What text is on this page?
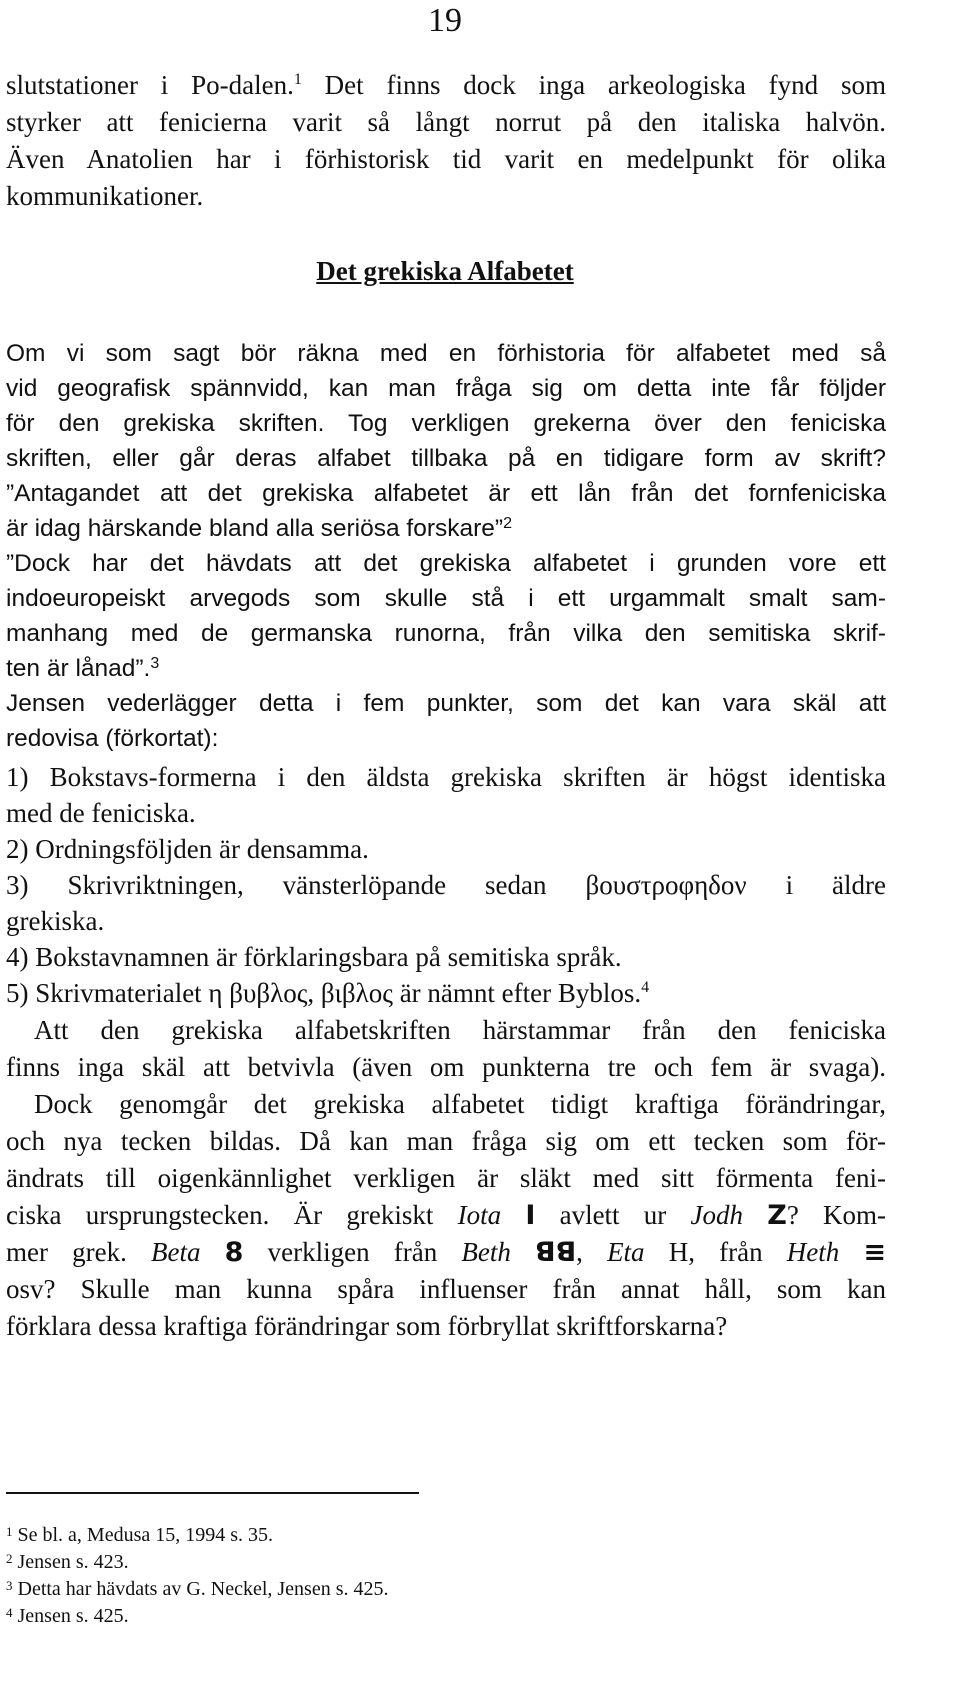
19
slutstationer i Po-dalen.$^1$ Det finns dock inga arkeologiska fynd som
styrker att fenicierna varit så långt norrut på den italiska halvön.
Även Anatolien har i förhistorisk tid varit en medelpunkt för olika
kommunikationer.
Det grekiska Alfabetet
Om vi som sagt bör räkna med en förhistoria för alfabetet med så
vid geografisk spännvidd, kan man fråga sig om detta inte får följder
för den grekiska skriften. Tog verkligen grekerna över den feniciska
skriften, eller går deras alfabet tillbaka på en tidigare form av skrift?
”Antagandet att det grekiska alfabetet är ett lån från det fornfeniciska
är idag härskande bland alla seriösa forskare”$^2$
”Dock har det hävdats att det grekiska alfabetet i grunden vore ett
indoeuropeiskt arvegods som skulle stå i ett urgammalt smalt sam-
manhang med de germanska runorna, från vilka den semitiska skrif-
ten är lånad”.$^3$
Jensen vederlägger detta i fem punkter, som det kan vara skäl att
redovisa (förkortat):
1) Bokstavs-formerna i den äldsta grekiska skriften är högst identiska
med de feniciska.
2) Ordningsföljden är densamma.
3) Skrivriktningen, vänsterlöpande sedan βουστροφηδον i äldre
grekiska.
4) Bokstavnamnen är förklaringsbara på semitiska språk.
5) Skrivmaterialet η βυβλος, βιβλος är nämnt efter Byblos.$^4$
Att den grekiska alfabetskriften härstammar från den feniciska
finns inga skäl att betvivla (även om punkterna tre och fem är svaga).
Dock genomgår det grekiska alfabetet tidigt kraftiga förändringar,
och nya tecken bildas. Då kan man fråga sig om ett tecken som för-
ändrats till oigenkännlighet verkligen är släkt med sitt förmenta feni-
ciska ursprungstecken. Är grekiskt Iota I avlett ur Jodh Z? Kom-
mer grek. Beta 8 verkligen från Beth ꓭꓭ, Eta H, från Heth ≡
osv? Skulle man kunna spåra influenser från annat håll, som kan
förklara dessa kraftiga förändringar som förbryllat skriftforskarna?
$^1$ Se bl. a, Medusa 15, 1994 s. 35.
$^2$ Jensen s. 423.
$^3$ Detta har hävdats av G. Neckel, Jensen s. 425.
$^4$ Jensen s. 425.
